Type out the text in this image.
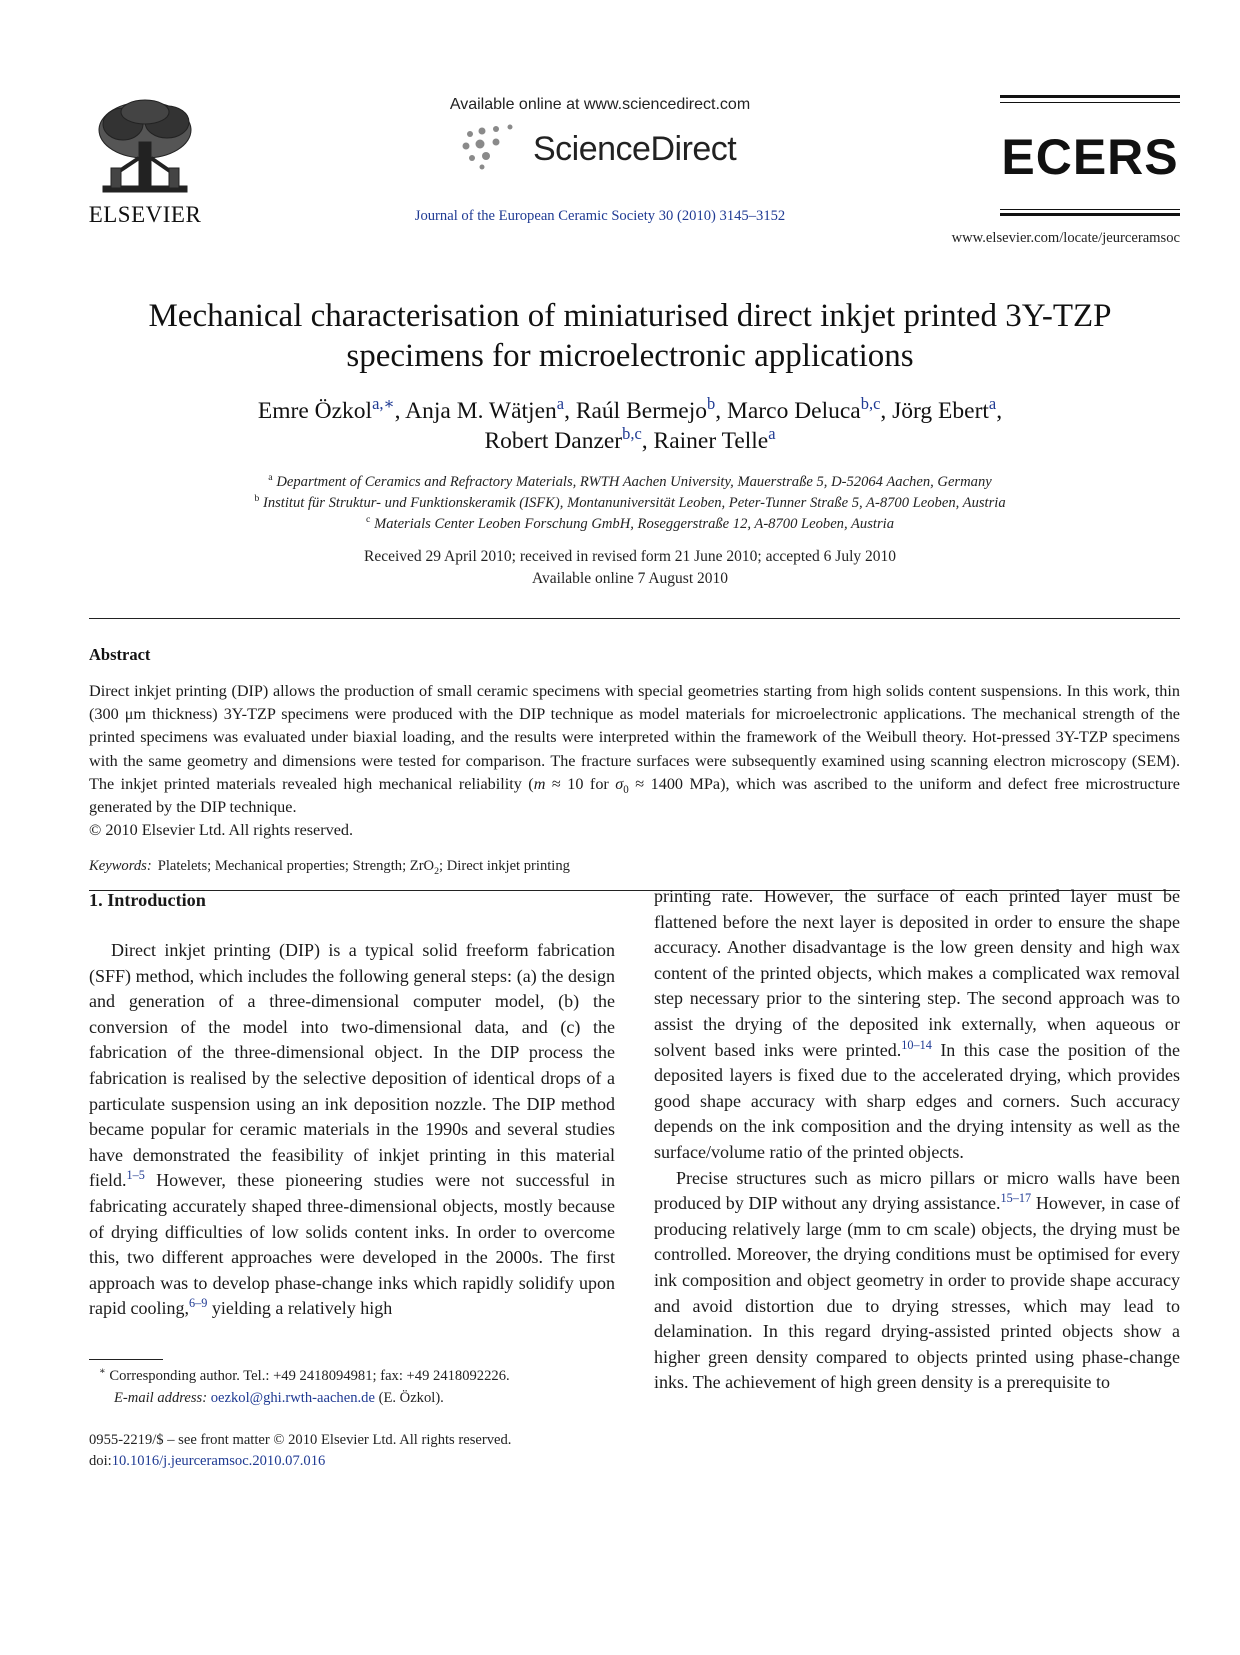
ELSEVIER
Available online at www.sciencedirect.com
ScienceDirect
Journal of the European Ceramic Society 30 (2010) 3145–3152
ECERS
www.elsevier.com/locate/jeurceramsoc
Mechanical characterisation of miniaturised direct inkjet printed 3Y-TZP
specimens for microelectronic applications
Emre Özkol$^{a,∗}$, Anja M. Wätjen$^a$, Raúl Bermejo$^b$, Marco Deluca$^{b,c}$, Jörg Ebert$^a$,
Robert Danzer$^{b,c}$, Rainer Telle$^a$
$^a$ Department of Ceramics and Refractory Materials, RWTH Aachen University, Mauerstraße 5, D-52064 Aachen, Germany
$^b$ Institut für Struktur- und Funktionskeramik (ISFK), Montanuniversität Leoben, Peter-Tunner Straße 5, A-8700 Leoben, Austria
$^c$ Materials Center Leoben Forschung GmbH, Roseggerstraße 12, A-8700 Leoben, Austria
Received 29 April 2010; received in revised form 21 June 2010; accepted 6 July 2010
Available online 7 August 2010
Abstract

Direct inkjet printing (DIP) allows the production of small ceramic specimens with special geometries starting from high solids content suspensions. In this work, thin (300 μm thickness) 3Y-TZP specimens were produced with the DIP technique as model materials for microelectronic applications. The mechanical strength of the printed specimens was evaluated under biaxial loading, and the results were interpreted within the framework of the Weibull theory. Hot-pressed 3Y-TZP specimens with the same geometry and dimensions were tested for comparison. The fracture surfaces were subsequently examined using scanning electron microscopy (SEM). The inkjet printed materials revealed high mechanical reliability (m ≈ 10 for $\sigma_0 \approx 1400$ MPa), which was ascribed to the uniform and defect free microstructure generated by the DIP technique.

© 2010 Elsevier Ltd. All rights reserved.

Keywords: Platelets; Mechanical properties; Strength; ZrO$_2$; Direct inkjet printing
1. Introduction

Direct inkjet printing (DIP) is a typical solid freeform fabrication (SFF) method, which includes the following general steps: (a) the design and generation of a three-dimensional computer model, (b) the conversion of the model into two-dimensional data, and (c) the fabrication of the three-dimensional object. In the DIP process the fabrication is realised by the selective deposition of identical drops of a particulate suspension using an ink deposition nozzle. The DIP method became popular for ceramic materials in the 1990s and several studies have demonstrated the feasibility of inkjet printing in this material field.$^{1-5}$ However, these pioneering studies were not successful in fabricating accurately shaped three-dimensional objects, mostly because of drying difficulties of low solids content inks. In order to overcome this, two different approaches were developed in the 2000s. The first approach was to develop phase-change inks which rapidly solidify upon rapid cooling,$^{6-9}$ yielding a relatively high

printing rate. However, the surface of each printed layer must be flattened before the next layer is deposited in order to ensure the shape accuracy. Another disadvantage is the low green density and high wax content of the printed objects, which makes a complicated wax removal step necessary prior to the sintering step. The second approach was to assist the drying of the deposited ink externally, when aqueous or solvent based inks were printed.$^{10-14}$ In this case the position of the deposited layers is fixed due to the accelerated drying, which provides good shape accuracy with sharp edges and corners. Such accuracy depends on the ink composition and the drying intensity as well as the surface/volume ratio of the printed objects.

Precise structures such as micro pillars or micro walls have been produced by DIP without any drying assistance.$^{15-17}$ However, in case of producing relatively large (mm to cm scale) objects, the drying must be controlled. Moreover, the drying conditions must be optimised for every ink composition and object geometry in order to provide shape accuracy and avoid distortion due to drying stresses, which may lead to delamination. In this regard drying-assisted printed objects show a higher green density compared to objects printed using phase-change inks. The achievement of high green density is a prerequisite to

∗ Corresponding author. Tel.: +49 2418094981; fax: +49 2418092226.
E-mail address: oezkol@ghi.rwth-aachen.de (E. Özkol).
0955-2219/$ – see front matter © 2010 Elsevier Ltd. All rights reserved.
doi:10.1016/j.jeurceramsoc.2010.07.016
